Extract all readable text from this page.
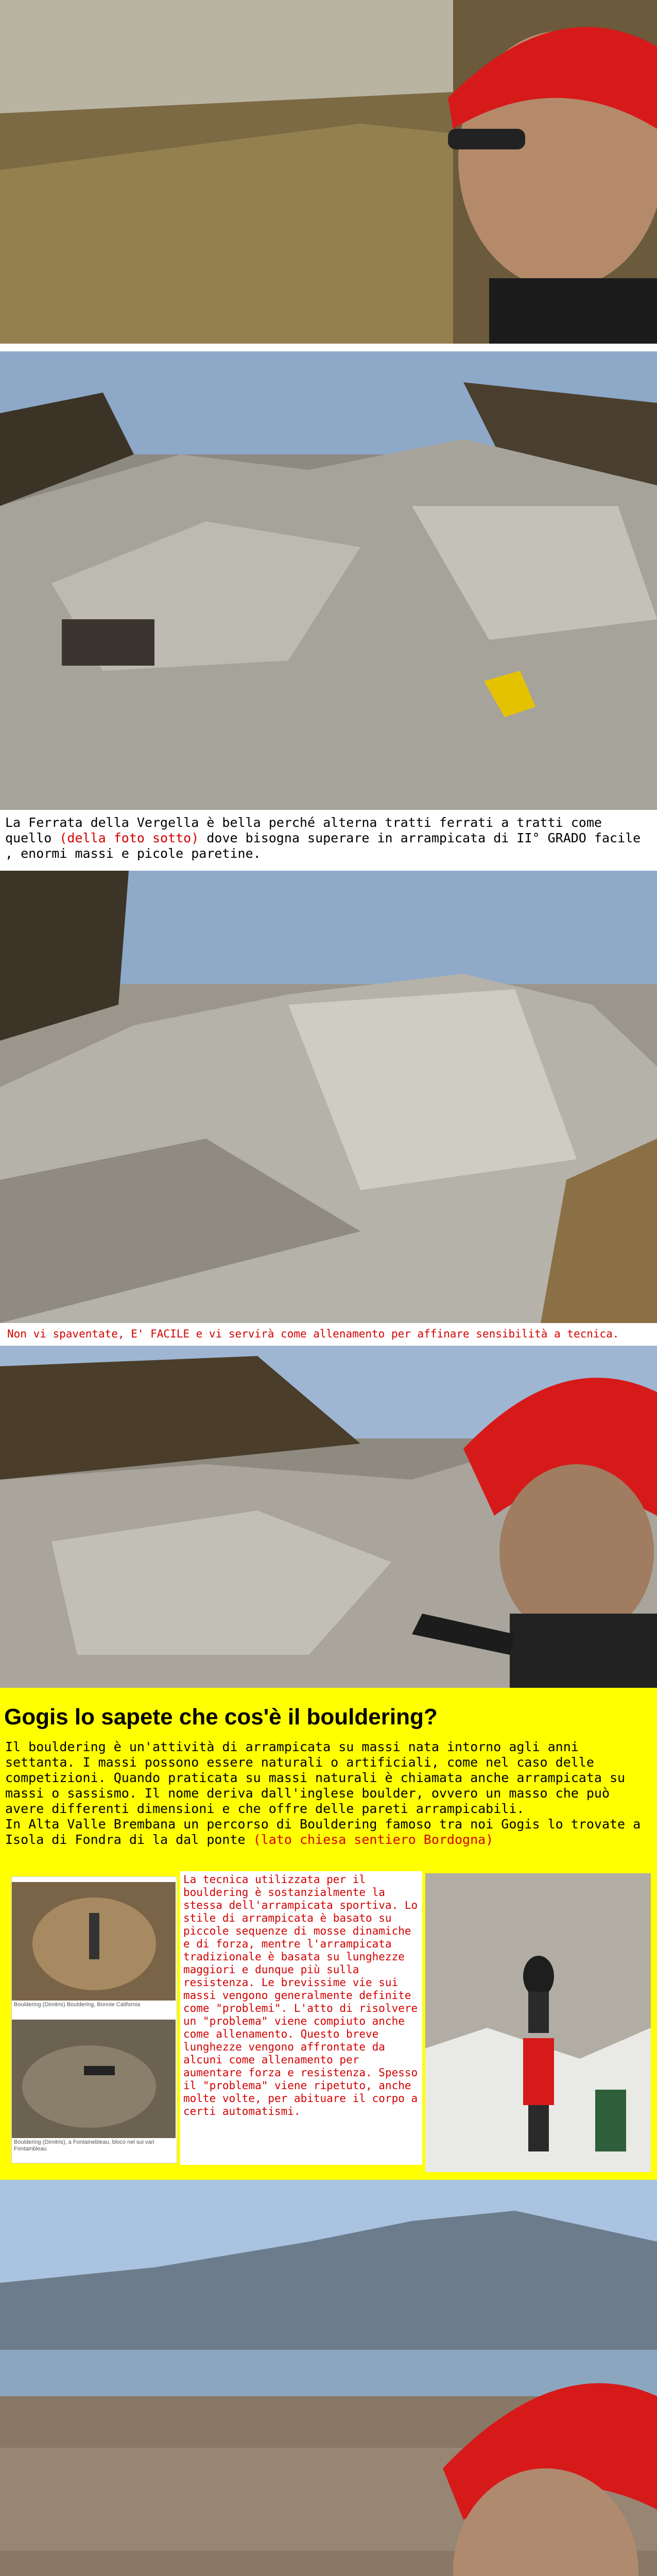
La Ferrata della Vergella è bella perché alterna tratti ferrati a tratti come quello (della foto sotto) dove bisogna superare in arrampicata di II° GRADO facile , enormi massi e picole paretine.
Non vi spaventate, E' FACILE e vi servirà come allenamento per affinare sensibilità a tecnica.
Gogis lo sapete che cos'è il bouldering?
Il bouldering è un'attività di arrampicata su massi nata intorno agli anni settanta. I massi possono essere naturali o artificiali, come nel caso delle competizioni. Quando praticata su massi naturali è chiamata anche arrampicata su massi o sassismo. Il nome deriva dall'inglese boulder, ovvero un masso che può avere differenti dimensioni e che offre delle pareti arrampicabili.
In Alta Valle Brembana un percorso di Bouldering famoso tra noi Gogis lo trovate a Isola di Fondra di la dal ponte (lato chiesa sentiero Bordogna)
Bouldering (Dimitris) Bouldering, Bonnie California
Bouldering (Dimitris), a Fontainebleau, bloco nel sui vari Fontainbleau
La tecnica utilizzata per il bouldering è sostanzialmente la stessa dell'arrampicata sportiva. Lo stile di arrampicata è basato su piccole sequenze di mosse dinamiche e di forza, mentre l'arrampicata tradizionale è basata su lunghezze maggiori e dunque più sulla resistenza. Le brevissime vie sui massi vengono generalmente definite come "problemi". L'atto di risolvere un "problema" viene compiuto anche come allenamento. Questo breve lunghezze vengono affrontate da alcuni come allenamento per aumentare forza e resistenza. Spesso il "problema" viene ripetuto, anche molte volte, per abituare il corpo a certi automatismi.
